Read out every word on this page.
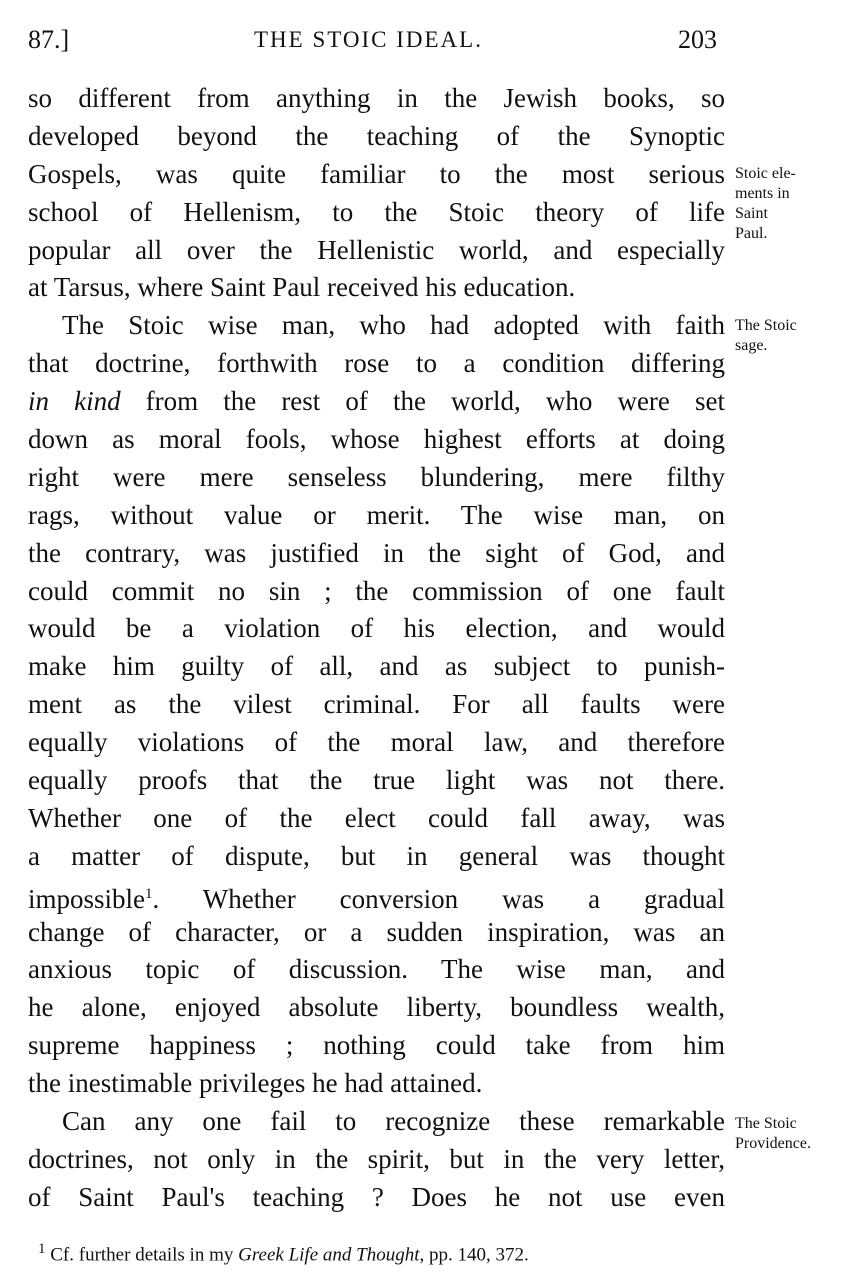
87.]	THE STOIC IDEAL.	203
so different from anything in the Jewish books, so
developed beyond the teaching of the Synoptic
Gospels, was quite familiar to the most serious
school of Hellenism, to the Stoic theory of life
popular all over the Hellenistic world, and especially
at Tarsus, where Saint Paul received his education.
The Stoic wise man, who had adopted with faith
that doctrine, forthwith rose to a condition differing
in kind from the rest of the world, who were set
down as moral fools, whose highest efforts at doing
right were mere senseless blundering, mere filthy
rags, without value or merit. The wise man, on
the contrary, was justified in the sight of God, and
could commit no sin ; the commission of one fault
would be a violation of his election, and would
make him guilty of all, and as subject to punish-
ment as the vilest criminal. For all faults were
equally violations of the moral law, and therefore
equally proofs that the true light was not there.
Whether one of the elect could fall away, was
a matter of dispute, but in general was thought
impossible$^1$. Whether conversion was a gradual
change of character, or a sudden inspiration, was an
anxious topic of discussion. The wise man, and
he alone, enjoyed absolute liberty, boundless wealth,
supreme happiness ; nothing could take from him
the inestimable privileges he had attained.
Can any one fail to recognize these remarkable
doctrines, not only in the spirit, but in the very letter,
of Saint Paul's teaching ? Does he not use even
Stoic ele-
ments in
Saint
Paul.
The Stoic
sage.
The Stoic
Providence.
$^1$ Cf. further details in my Greek Life and Thought, pp. 140, 372.
